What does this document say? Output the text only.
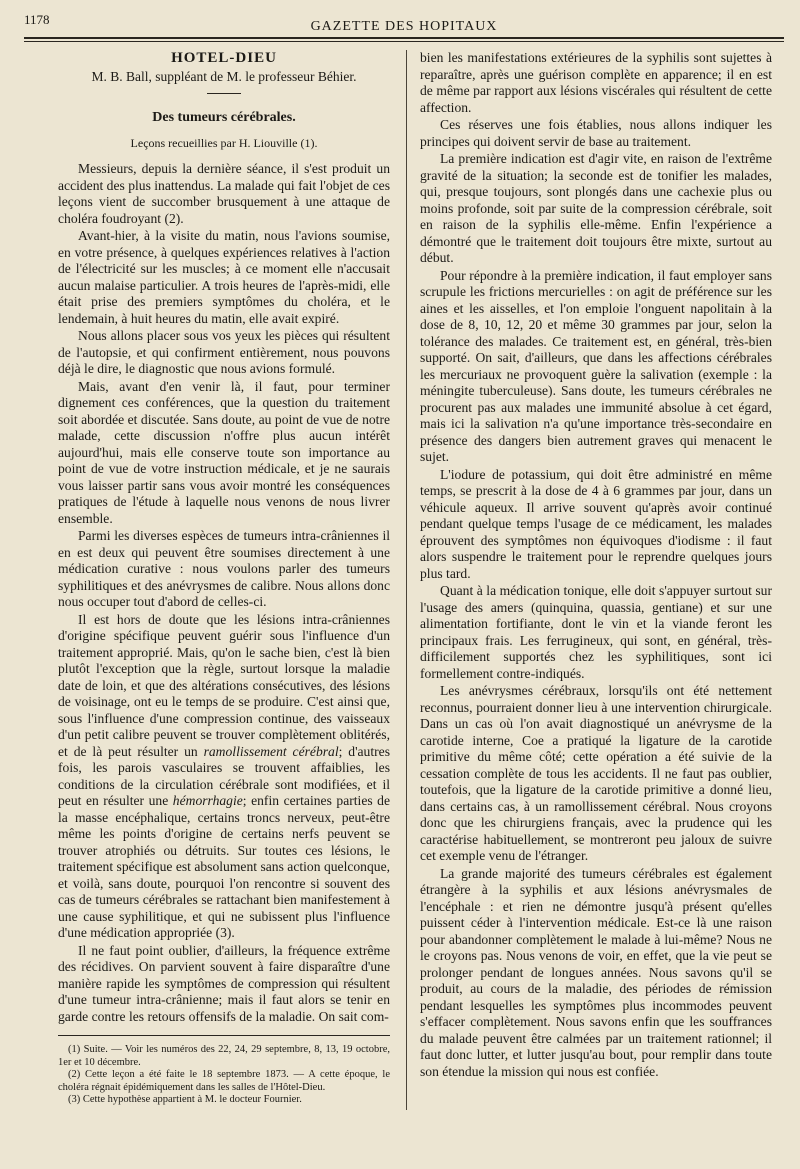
1178	GAZETTE DES HOPITAUX
HOTEL-DIEU
M. B. Ball, suppléant de M. le professeur Béhier.
Des tumeurs cérébrales.
Leçons recueillies par H. Liouville (1).

Messieurs, depuis la dernière séance, il s'est produit un accident des plus inattendus. La malade qui fait l'objet de ces leçons vient de succomber brusquement à une attaque de choléra foudroyant (2).

Avant-hier, à la visite du matin, nous l'avions soumise, en votre présence, à quelques expériences relatives à l'action de l'électricité sur les muscles; à ce moment elle n'accusait aucun malaise particulier. A trois heures de l'après-midi, elle était prise des premiers symptômes du choléra, et le lendemain, à huit heures du matin, elle avait expiré.

Nous allons placer sous vos yeux les pièces qui résultent de l'autopsie, et qui confirment entièrement, nous pouvons déjà le dire, le diagnostic que nous avions formulé.

Mais, avant d'en venir là, il faut, pour terminer dignement ces conférences, que la question du traitement soit abordée et discutée. Sans doute, au point de vue de notre malade, cette discussion n'offre plus aucun intérêt aujourd'hui, mais elle conserve toute son importance au point de vue de votre instruction médicale, et je ne saurais vous laisser partir sans vous avoir montré les conséquences pratiques de l'étude à laquelle nous venons de nous livrer ensemble.

Parmi les diverses espèces de tumeurs intra-crâniennes il en est deux qui peuvent être soumises directement à une médication curative : nous voulons parler des tumeurs syphilitiques et des anévrysmes de calibre. Nous allons donc nous occuper tout d'abord de celles-ci.

Il est hors de doute que les lésions intra-crâniennes d'origine spécifique peuvent guérir sous l'influence d'un traitement approprié. Mais, qu'on le sache bien, c'est là bien plutôt l'exception que la règle, surtout lorsque la maladie date de loin, et que des altérations consécutives, des lésions de voisinage, ont eu le temps de se produire. C'est ainsi que, sous l'influence d'une compression continue, des vaisseaux d'un petit calibre peuvent se trouver complètement oblitérés, et de là peut résulter un ramollissement cérébral; d'autres fois, les parois vasculaires se trouvent affaiblies, les conditions de la circulation cérébrale sont modifiées, et il peut en résulter une hémorrhagie; enfin certaines parties de la masse encéphalique, certains troncs nerveux, peut-être même les points d'origine de certains nerfs peuvent se trouver atrophiés ou détruits. Sur toutes ces lésions, le traitement spécifique est absolument sans action quelconque, et voilà, sans doute, pourquoi l'on rencontre si souvent des cas de tumeurs cérébrales se rattachant bien manifestement à une cause syphilitique, et qui ne subissent plus l'influence d'une médication appropriée (3).

Il ne faut point oublier, d'ailleurs, la fréquence extrême des récidives. On parvient souvent à faire disparaître d'une manière rapide les symptômes de compression qui résultent d'une tumeur intra-crânienne; mais il faut alors se tenir en garde contre les retours offensifs de la maladie. On sait com-

(1) Suite. — Voir les numéros des 22, 24, 29 septembre, 8, 13, 19 octobre, 1er et 10 décembre.
(2) Cette leçon a été faite le 18 septembre 1873. — A cette époque, le choléra régnait épidémiquement dans les salles de l'Hôtel-Dieu.
(3) Cette hypothèse appartient à M. le docteur Fournier.

bien les manifestations extérieures de la syphilis sont sujettes à reparaître, après une guérison complète en apparence; il en est de même par rapport aux lésions viscérales qui résultent de cette affection.

Ces réserves une fois établies, nous allons indiquer les principes qui doivent servir de base au traitement.

La première indication est d'agir vite, en raison de l'extrême gravité de la situation; la seconde est de tonifier les malades, qui, presque toujours, sont plongés dans une cachexie plus ou moins profonde, soit par suite de la compression cérébrale, soit en raison de la syphilis elle-même. Enfin l'expérience a démontré que le traitement doit toujours être mixte, surtout au début.

Pour répondre à la première indication, il faut employer sans scrupule les frictions mercurielles : on agit de préférence sur les aines et les aisselles, et l'on emploie l'onguent napolitain à la dose de 8, 10, 12, 20 et même 30 grammes par jour, selon la tolérance des malades. Ce traitement est, en général, très-bien supporté. On sait, d'ailleurs, que dans les affections cérébrales les mercuriaux ne provoquent guère la salivation (exemple : la méningite tuberculeuse). Sans doute, les tumeurs cérébrales ne procurent pas aux malades une immunité absolue à cet égard, mais ici la salivation n'a qu'une importance très-secondaire en présence des dangers bien autrement graves qui menacent le sujet.

L'iodure de potassium, qui doit être administré en même temps, se prescrit à la dose de 4 à 6 grammes par jour, dans un véhicule aqueux. Il arrive souvent qu'après avoir continué pendant quelque temps l'usage de ce médicament, les malades éprouvent des symptômes non équivoques d'iodisme : il faut alors suspendre le traitement pour le reprendre quelques jours plus tard.

Quant à la médication tonique, elle doit s'appuyer surtout sur l'usage des amers (quinquina, quassia, gentiane) et sur une alimentation fortifiante, dont le vin et la viande feront les principaux frais. Les ferrugineux, qui sont, en général, très-difficilement supportés chez les syphilitiques, sont ici formellement contre-indiqués.

Les anévrysmes cérébraux, lorsqu'ils ont été nettement reconnus, pourraient donner lieu à une intervention chirurgicale. Dans un cas où l'on avait diagnostiqué un anévrysme de la carotide interne, Coe a pratiqué la ligature de la carotide primitive du même côté; cette opération a été suivie de la cessation complète de tous les accidents. Il ne faut pas oublier, toutefois, que la ligature de la carotide primitive a donné lieu, dans certains cas, à un ramollissement cérébral. Nous croyons donc que les chirurgiens français, avec la prudence qui les caractérise habituellement, se montreront peu jaloux de suivre cet exemple venu de l'étranger.

La grande majorité des tumeurs cérébrales est également étrangère à la syphilis et aux lésions anévrysmales de l'encéphale : et rien ne démontre jusqu'à présent qu'elles puissent céder à l'intervention médicale. Est-ce là une raison pour abandonner complètement le malade à lui-même? Nous ne le croyons pas. Nous venons de voir, en effet, que la vie peut se prolonger pendant de longues années. Nous savons qu'il se produit, au cours de la maladie, des périodes de rémission pendant lesquelles les symptômes plus incommodes peuvent s'effacer complètement. Nous savons enfin que les souffrances du malade peuvent être calmées par un traitement rationnel; il faut donc lutter, et lutter jusqu'au bout, pour remplir dans toute son étendue la mission qui nous est confiée.
